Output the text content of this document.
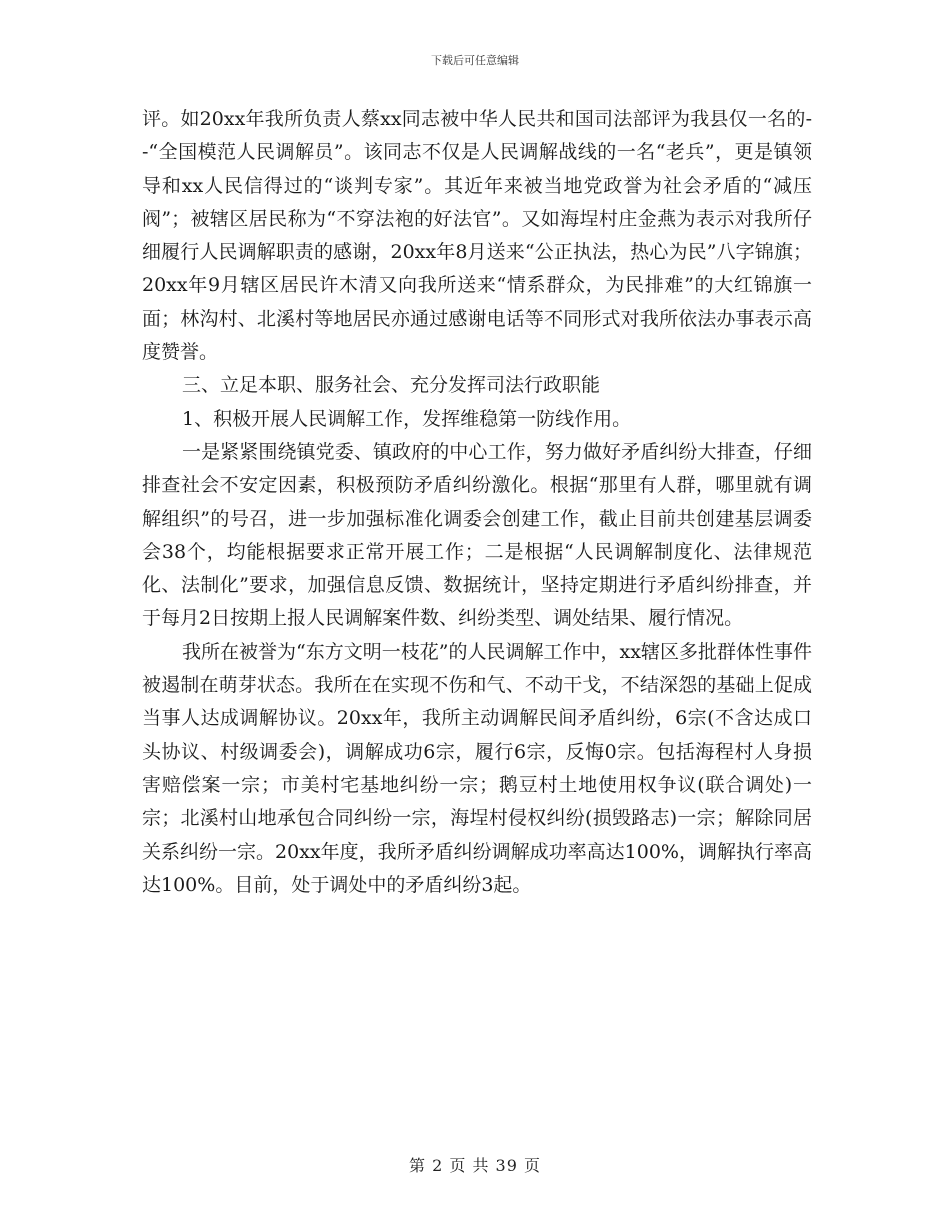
下载后可任意编辑

评。如20xx年我所负责人蔡xx同志被中华人民共和国司法部评为我县仅一名的--“全国模范人民调解员”。该同志不仅是人民调解战线的一名“老兵”，更是镇领导和xx人民信得过的“谈判专家”。其近年来被当地党政誉为社会矛盾的“减压阀”；被辖区居民称为“不穿法袍的好法官”。又如海埕村庄金燕为表示对我所仔细履行人民调解职责的感谢，20xx年8月送来“公正执法，热心为民”八字锦旗；20xx年9月辖区居民许木清又向我所送来“情系群众，为民排难”的大红锦旗一面；林沟村、北溪村等地居民亦通过感谢电话等不同形式对我所依法办事表示高度赞誉。

三、立足本职、服务社会、充分发挥司法行政职能

1、积极开展人民调解工作，发挥维稳第一防线作用。

一是紧紧围绕镇党委、镇政府的中心工作，努力做好矛盾纠纷大排查，仔细排查社会不安定因素，积极预防矛盾纠纷激化。根据“那里有人群，哪里就有调解组织”的号召，进一步加强标准化调委会创建工作，截止目前共创建基层调委会38个，均能根据要求正常开展工作；二是根据“人民调解制度化、法律规范化、法制化”要求，加强信息反馈、数据统计，坚持定期进行矛盾纠纷排查，并于每月2日按期上报人民调解案件数、纠纷类型、调处结果、履行情况。

我所在被誉为“东方文明一枝花”的人民调解工作中，xx辖区多批群体性事件被遏制在萌芽状态。我所在在实现不伤和气、不动干戈，不结深怨的基础上促成当事人达成调解协议。20xx年，我所主动调解民间矛盾纠纷，6宗(不含达成口头协议、村级调委会)，调解成功6宗，履行6宗，反悔0宗。包括海程村人身损害赔偿案一宗；市美村宅基地纠纷一宗；鹅豆村土地使用权争议(联合调处)一宗；北溪村山地承包合同纠纷一宗，海埕村侵权纠纷(损毁路志)一宗；解除同居关系纠纷一宗。20xx年度，我所矛盾纠纷调解成功率高达100%，调解执行率高达100%。目前，处于调处中的矛盾纠纷3起。

第 2 页 共 39 页
